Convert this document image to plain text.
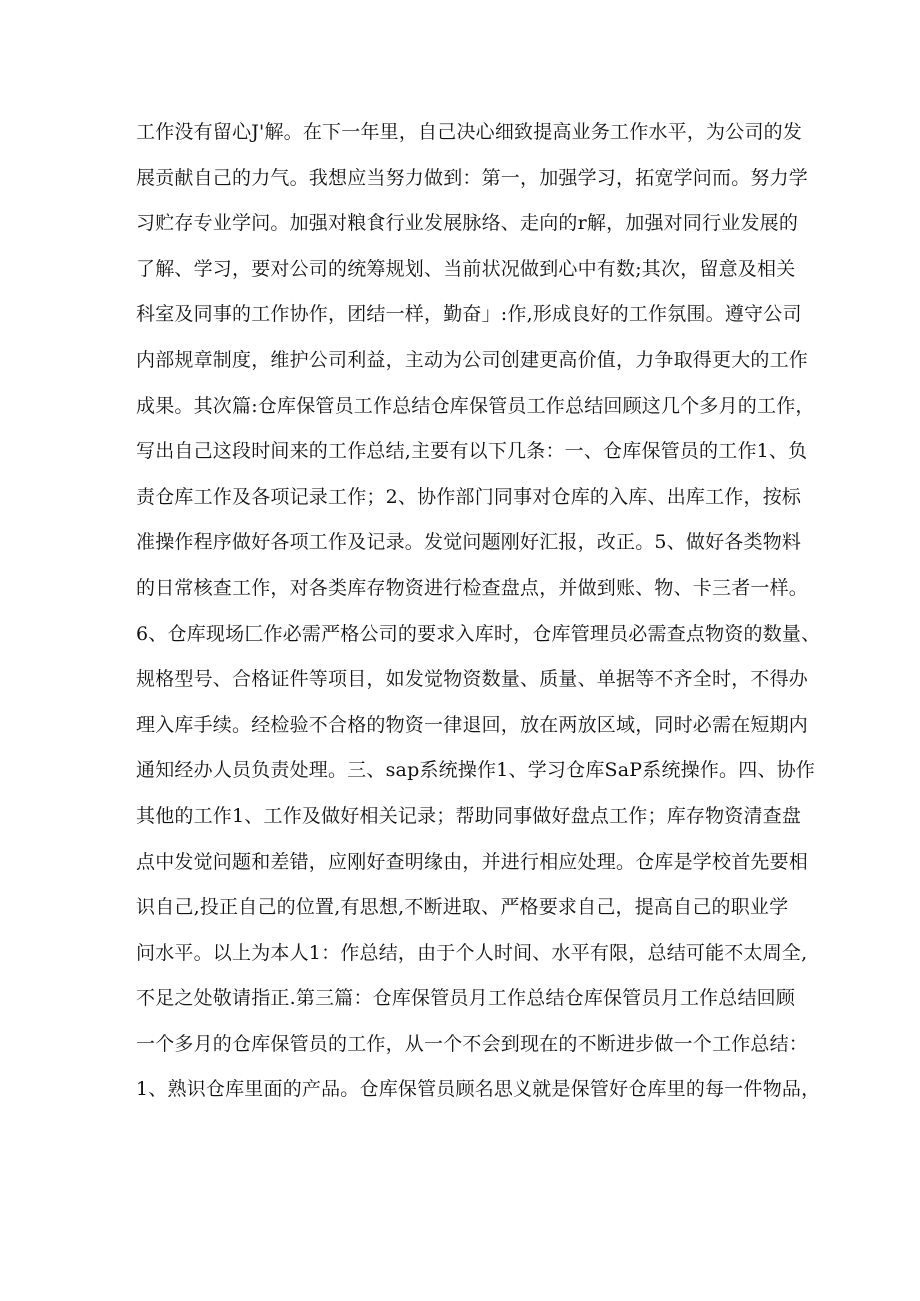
工作没有留心J'解。在下一年里，自己决心细致提高业务工作水平，为公司的发
展贡献自己的力气。我想应当努力做到：第一，加强学习，拓宽学问而。努力学
习贮存专业学问。加强对粮食行业发展脉络、走向的r解，加强对同行业发展的
了解、学习，要对公司的统筹规划、当前状况做到心中有数;其次，留意及相关
科室及同事的工作协作，团结一样，勤奋」:作,形成良好的工作氛围。遵守公司
内部规章制度，维护公司利益，主动为公司创建更高价值，力争取得更大的工作
成果。其次篇:仓库保管员工作总结仓库保管员工作总结回顾这几个多月的工作，
写出自己这段时间来的工作总结,主要有以下几条：一、仓库保管员的工作1、负
责仓库工作及各项记录工作；2、协作部门同事对仓库的入库、出库工作，按标
准操作程序做好各项工作及记录。发觉问题刚好汇报，改正。5、做好各类物料
的日常核查工作，对各类库存物资进行检查盘点，并做到账、物、卡三者一样。
6、仓库现场匚作必需严格公司的要求入库时，仓库管理员必需查点物资的数量、
规格型号、合格证件等项目，如发觉物资数量、质量、单据等不齐全时，不得办
理入库手续。经检验不合格的物资一律退回，放在两放区域，同时必需在短期内
通知经办人员负责处理。三、sap系统操作1、学习仓库SaP系统操作。四、协作
其他的工作1、工作及做好相关记录；帮助同事做好盘点工作；库存物资清查盘
点中发觉问题和差错，应刚好查明缘由，并进行相应处理。仓库是学校首先要相
识自己,投正自己的位置,有思想,不断进取、严格要求自己，提高自己的职业学
问水平。以上为本人1：作总结，由于个人时间、水平有限，总结可能不太周全,
不足之处敬请指正.第三篇：仓库保管员月工作总结仓库保管员月工作总结回顾
一个多月的仓库保管员的工作，从一个不会到现在的不断进步做一个工作总结：
1、熟识仓库里面的产品。仓库保管员顾名思义就是保管好仓库里的每一件物品，
